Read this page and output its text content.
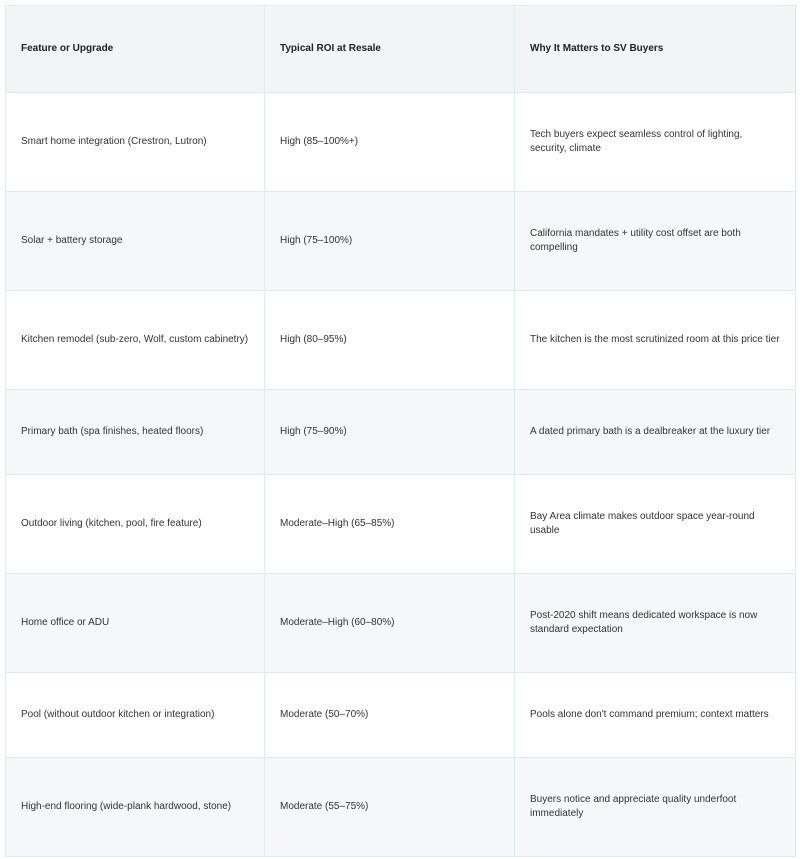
Feature or Upgrade	Typical ROI at Resale	Why It Matters to SV Buyers
Smart home integration (Crestron, Lutron)	High (85–100%+)	Tech buyers expect seamless control of lighting, security, climate
Solar + battery storage	High (75–100%)	California mandates + utility cost offset are both compelling
Kitchen remodel (sub-zero, Wolf, custom cabinetry)	High (80–95%)	The kitchen is the most scrutinized room at this price tier
Primary bath (spa finishes, heated floors)	High (75–90%)	A dated primary bath is a dealbreaker at the luxury tier
Outdoor living (kitchen, pool, fire feature)	Moderate–High (65–85%)	Bay Area climate makes outdoor space year-round usable
Home office or ADU	Moderate–High (60–80%)	Post-2020 shift means dedicated workspace is now standard expectation
Pool (without outdoor kitchen or integration)	Moderate (50–70%)	Pools alone don't command premium; context matters
High-end flooring (wide-plank hardwood, stone)	Moderate (55–75%)	Buyers notice and appreciate quality underfoot immediately
